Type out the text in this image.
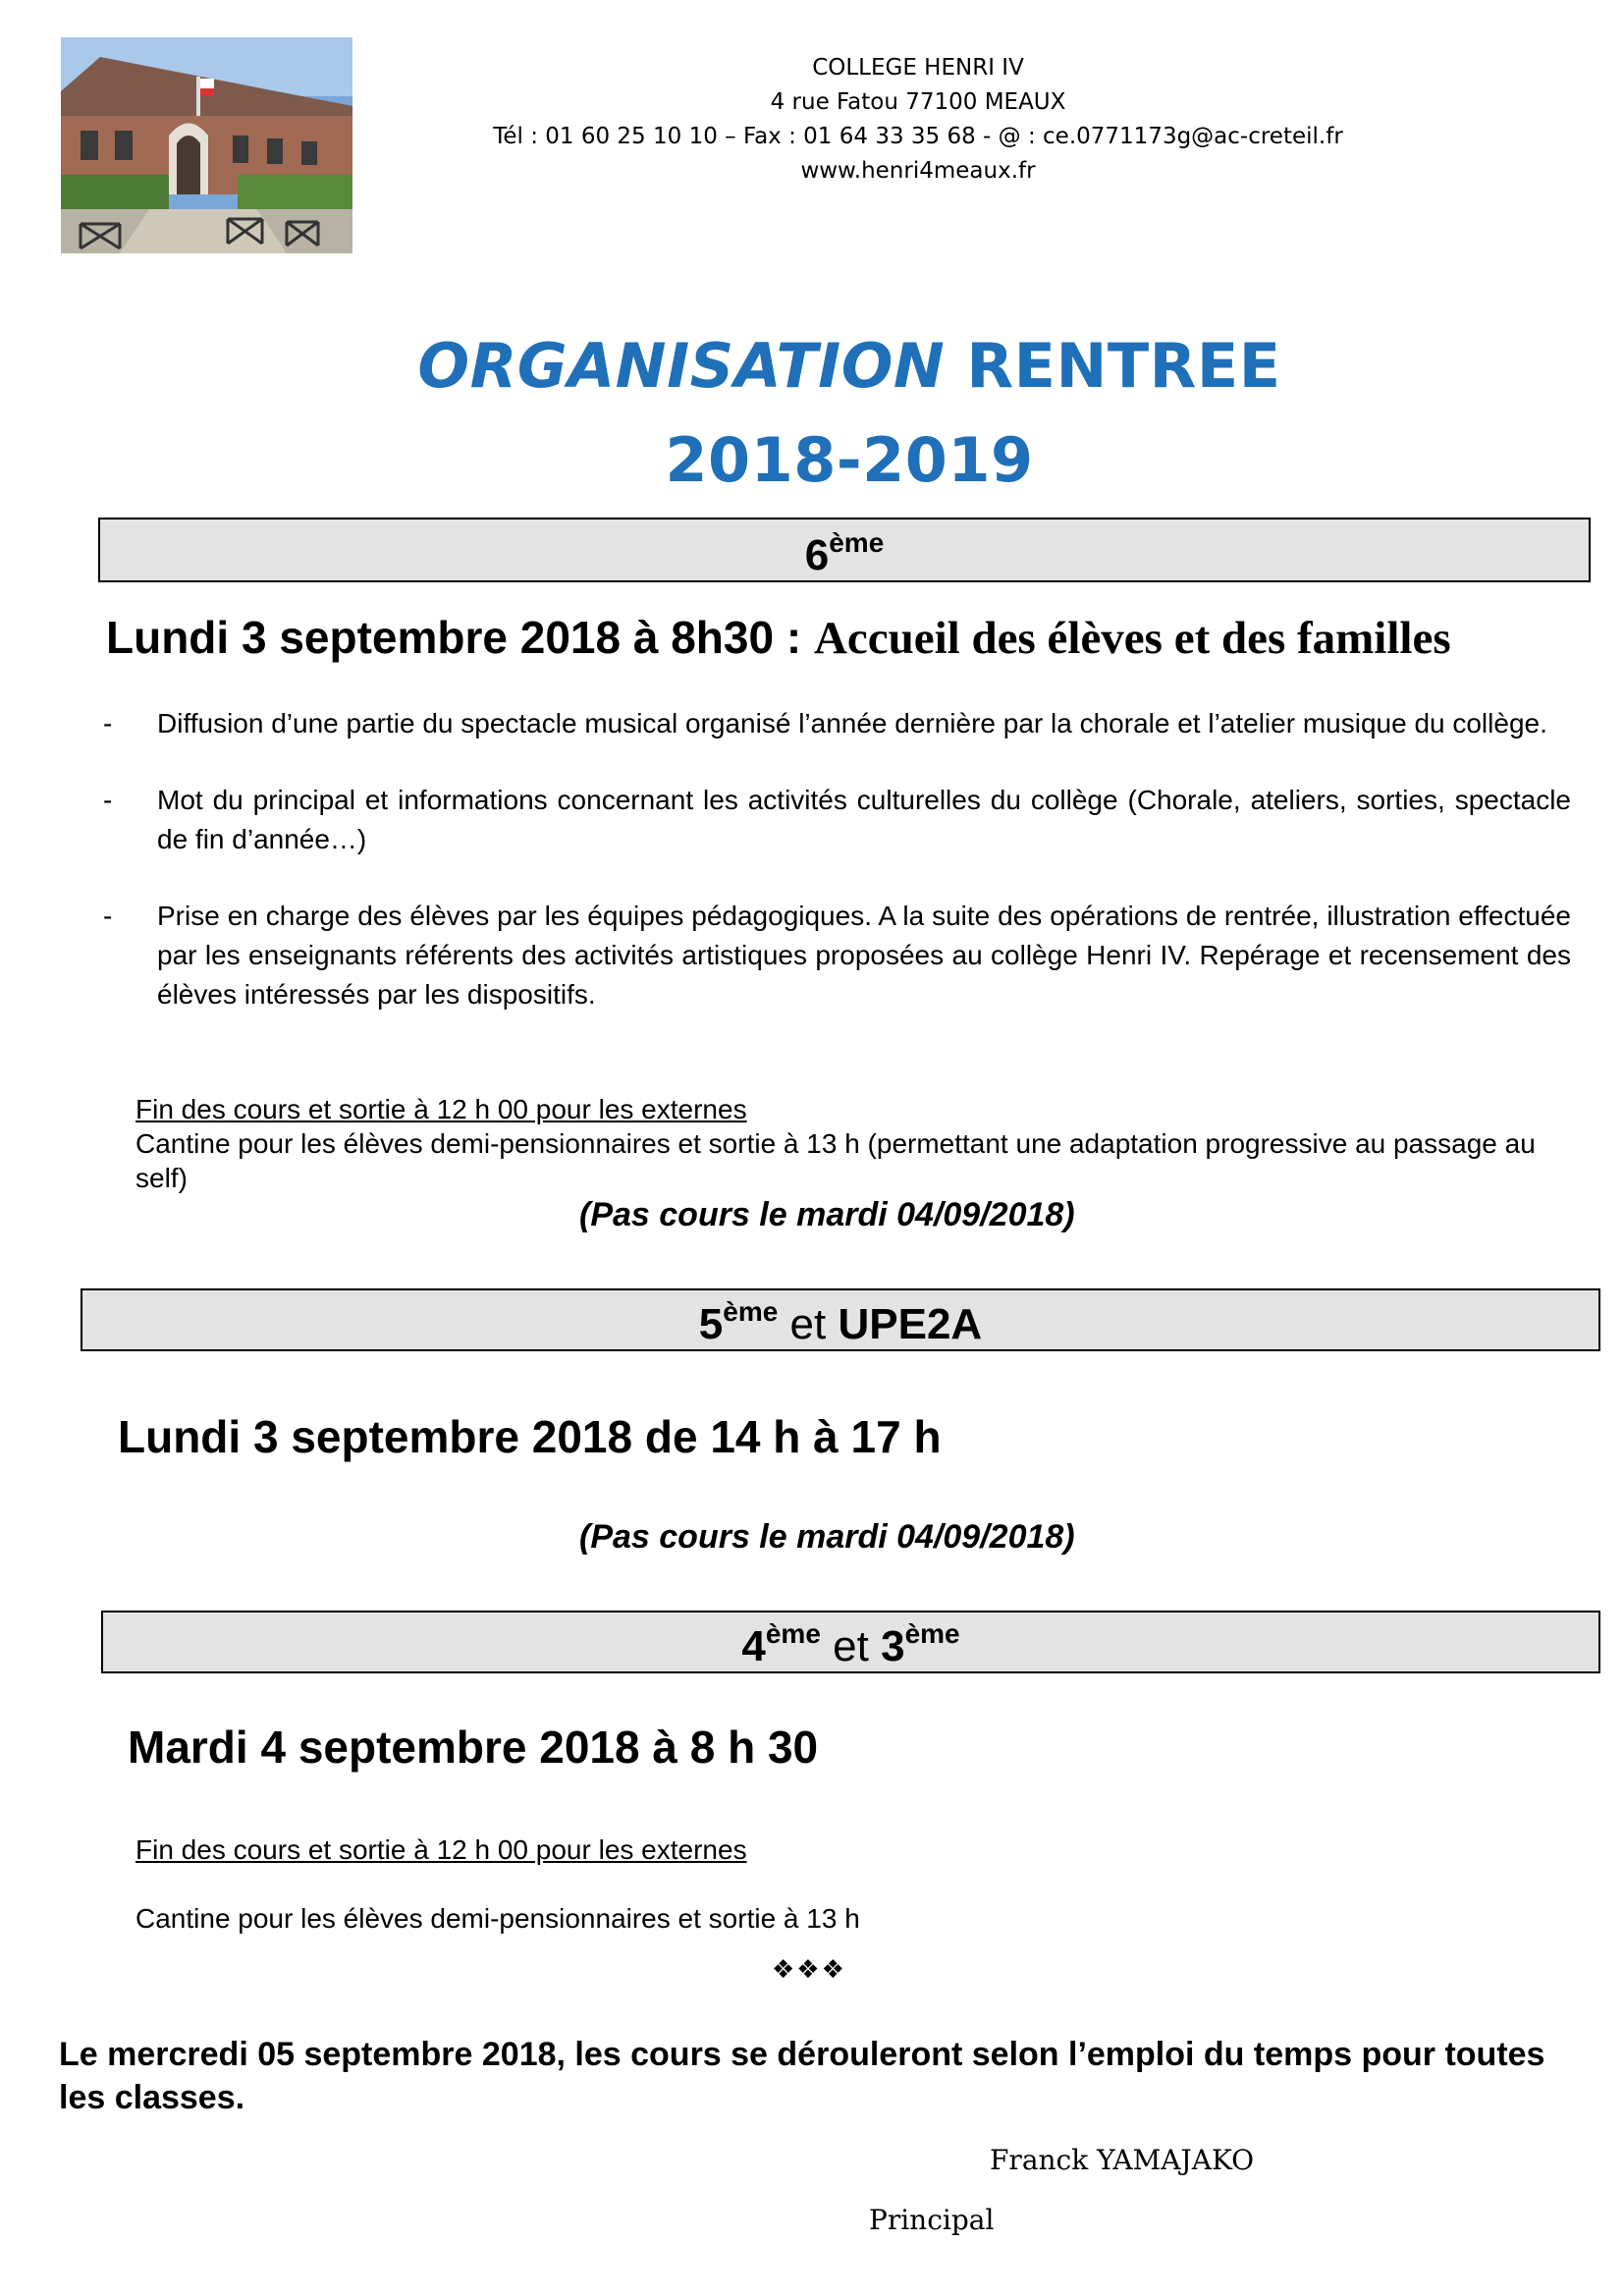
COLLEGE HENRI IV
4 rue Fatou 77100 MEAUX
Tél : 01 60 25 10 10 – Fax : 01 64 33 35 68 - @ : ce.0771173g@ac-creteil.fr
www.henri4meaux.fr
ORGANISATION RENTREE
2018-2019
6ème
Lundi 3 septembre 2018 à 8h30 : Accueil des élèves et des familles
- Diffusion d’une partie du spectacle musical organisé l’année dernière par la chorale et l’atelier musique du collège.
- Mot du principal et informations concernant les activités culturelles du collège (Chorale, ateliers, sorties, spectacle de fin d’année…)
- Prise en charge des élèves par les équipes pédagogiques. A la suite des opérations de rentrée, illustration effectuée par les enseignants référents des activités artistiques proposées au collège Henri IV. Repérage et recensement des élèves intéressés par les dispositifs.
Fin des cours et sortie à 12 h 00 pour les externes
Cantine pour les élèves demi-pensionnaires et sortie à 13 h (permettant une adaptation progressive au passage au self)
(Pas cours le mardi 04/09/2018)
5ème et UPE2A
Lundi 3 septembre 2018 de 14 h à 17 h
(Pas cours le mardi 04/09/2018)
4ème et 3ème
Mardi 4 septembre 2018 à 8 h 30
Fin des cours et sortie à 12 h 00 pour les externes
Cantine pour les élèves demi-pensionnaires et sortie à 13 h
❖❖❖
Le mercredi 05 septembre 2018, les cours se dérouleront selon l’emploi du temps pour toutes les classes.
Franck YAMAJAKO
Principal
